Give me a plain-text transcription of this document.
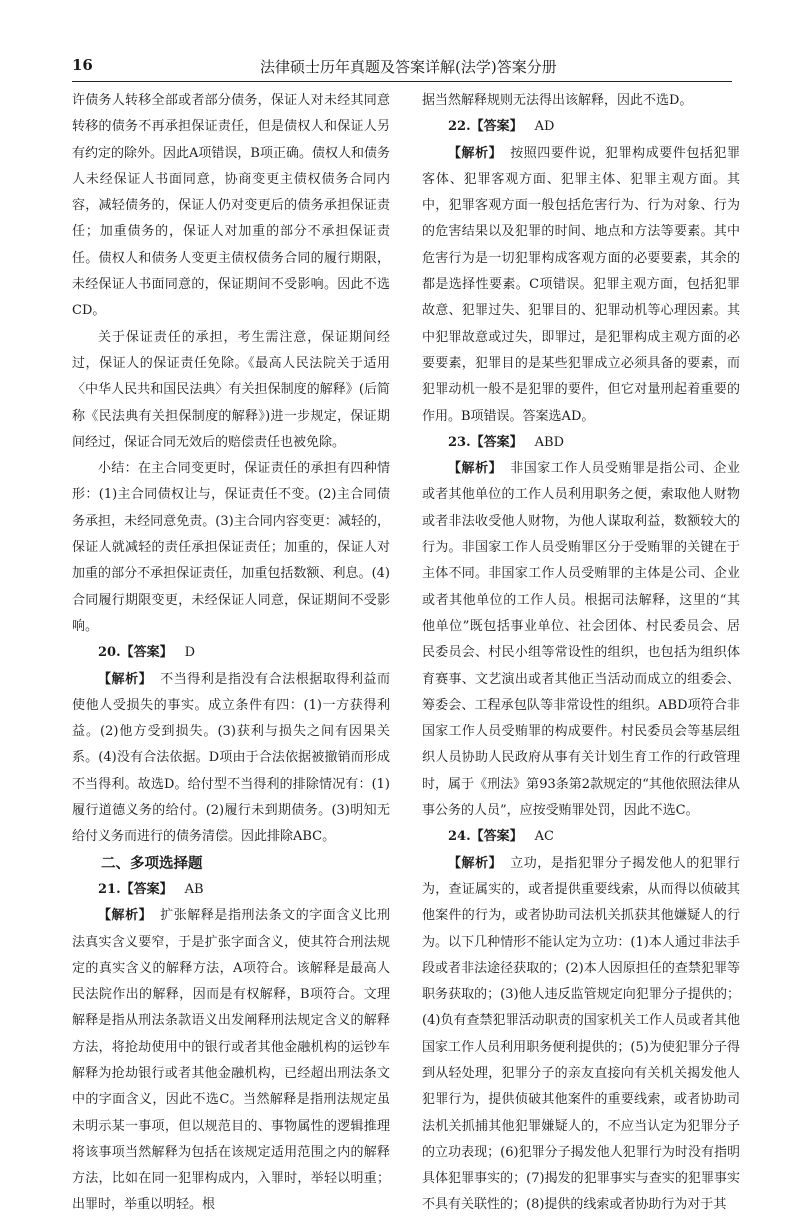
16	法律硕士历年真题及答案详解(法学)答案分册

许债务人转移全部或者部分债务，保证人对未经其同意转移的债务不再承担保证责任，但是债权人和保证人另有约定的除外。因此A项错误，B项正确。债权人和债务人未经保证人书面同意，协商变更主债权债务合同内容，减轻债务的，保证人仍对变更后的债务承担保证责任；加重债务的，保证人对加重的部分不承担保证责任。债权人和债务人变更主债权债务合同的履行期限，未经保证人书面同意的，保证期间不受影响。因此不选CD。

关于保证责任的承担，考生需注意，保证期间经过，保证人的保证责任免除。《最高人民法院关于适用〈中华人民共和国民法典〉有关担保制度的解释》(后简称《民法典有关担保制度的解释》)进一步规定，保证期间经过，保证合同无效后的赔偿责任也被免除。

小结：在主合同变更时，保证责任的承担有四种情形：(1)主合同债权让与，保证责任不变。(2)主合同债务承担，未经同意免责。(3)主合同内容变更：减轻的，保证人就减轻的责任承担保证责任；加重的，保证人对加重的部分不承担保证责任，加重包括数额、利息。(4)合同履行期限变更，未经保证人同意，保证期间不受影响。

20.【答案】 D

【解析】 不当得利是指没有合法根据取得利益而使他人受损失的事实。成立条件有四：(1)一方获得利益。(2)他方受到损失。(3)获利与损失之间有因果关系。(4)没有合法依据。D项由于合法依据被撤销而形成不当得利。故选D。给付型不当得利的排除情况有：(1)履行道德义务的给付。(2)履行未到期债务。(3)明知无给付义务而进行的债务清偿。因此排除ABC。

二、多项选择题

21.【答案】 AB

【解析】 扩张解释是指刑法条文的字面含义比刑法真实含义要窄，于是扩张字面含义，使其符合刑法规定的真实含义的解释方法，A项符合。该解释是最高人民法院作出的解释，因而是有权解释，B项符合。文理解释是指从刑法条款语义出发阐释刑法规定含义的解释方法，将抢劫使用中的银行或者其他金融机构的运钞车解释为抢劫银行或者其他金融机构，已经超出刑法条文中的字面含义，因此不选C。当然解释是指刑法规定虽未明示某一事项，但以规范目的、事物属性的逻辑推理将该事项当然解释为包括在该规定适用范围之内的解释方法，比如在同一犯罪构成内，入罪时，举轻以明重；出罪时，举重以明轻。根

据当然解释规则无法得出该解释，因此不选D。

22.【答案】 AD

【解析】 按照四要件说，犯罪构成要件包括犯罪客体、犯罪客观方面、犯罪主体、犯罪主观方面。其中，犯罪客观方面一般包括危害行为、行为对象、行为的危害结果以及犯罪的时间、地点和方法等要素。其中危害行为是一切犯罪构成客观方面的必要要素，其余的都是选择性要素。C项错误。犯罪主观方面，包括犯罪故意、犯罪过失、犯罪目的、犯罪动机等心理因素。其中犯罪故意或过失，即罪过，是犯罪构成主观方面的必要要素，犯罪目的是某些犯罪成立必须具备的要素，而犯罪动机一般不是犯罪的要件，但它对量刑起着重要的作用。B项错误。答案选AD。

23.【答案】 ABD

【解析】 非国家工作人员受贿罪是指公司、企业或者其他单位的工作人员利用职务之便，索取他人财物或者非法收受他人财物，为他人谋取利益，数额较大的行为。非国家工作人员受贿罪区分于受贿罪的关键在于主体不同。非国家工作人员受贿罪的主体是公司、企业或者其他单位的工作人员。根据司法解释，这里的“其他单位”既包括事业单位、社会团体、村民委员会、居民委员会、村民小组等常设性的组织，也包括为组织体育赛事、文艺演出或者其他正当活动而成立的组委会、筹委会、工程承包队等非常设性的组织。ABD项符合非国家工作人员受贿罪的构成要件。村民委员会等基层组织人员协助人民政府从事有关计划生育工作的行政管理时，属于《刑法》第93条第2款规定的“其他依照法律从事公务的人员”，应按受贿罪处罚，因此不选C。

24.【答案】 AC

【解析】 立功，是指犯罪分子揭发他人的犯罪行为，查证属实的，或者提供重要线索，从而得以侦破其他案件的行为，或者协助司法机关抓获其他嫌疑人的行为。以下几种情形不能认定为立功：(1)本人通过非法手段或者非法途径获取的；(2)本人因原担任的查禁犯罪等职务获取的；(3)他人违反监管规定向犯罪分子提供的；(4)负有查禁犯罪活动职责的国家机关工作人员或者其他国家工作人员利用职务便利提供的；(5)为使犯罪分子得到从轻处理，犯罪分子的亲友直接向有关机关揭发他人犯罪行为，提供侦破其他案件的重要线索，或者协助司法机关抓捕其他犯罪嫌疑人的，不应当认定为犯罪分子的立功表现；(6)犯罪分子揭发他人犯罪行为时没有指明具体犯罪事实的；(7)揭发的犯罪事实与查实的犯罪事实不具有关联性的；(8)提供的线索或者协助行为对于其
